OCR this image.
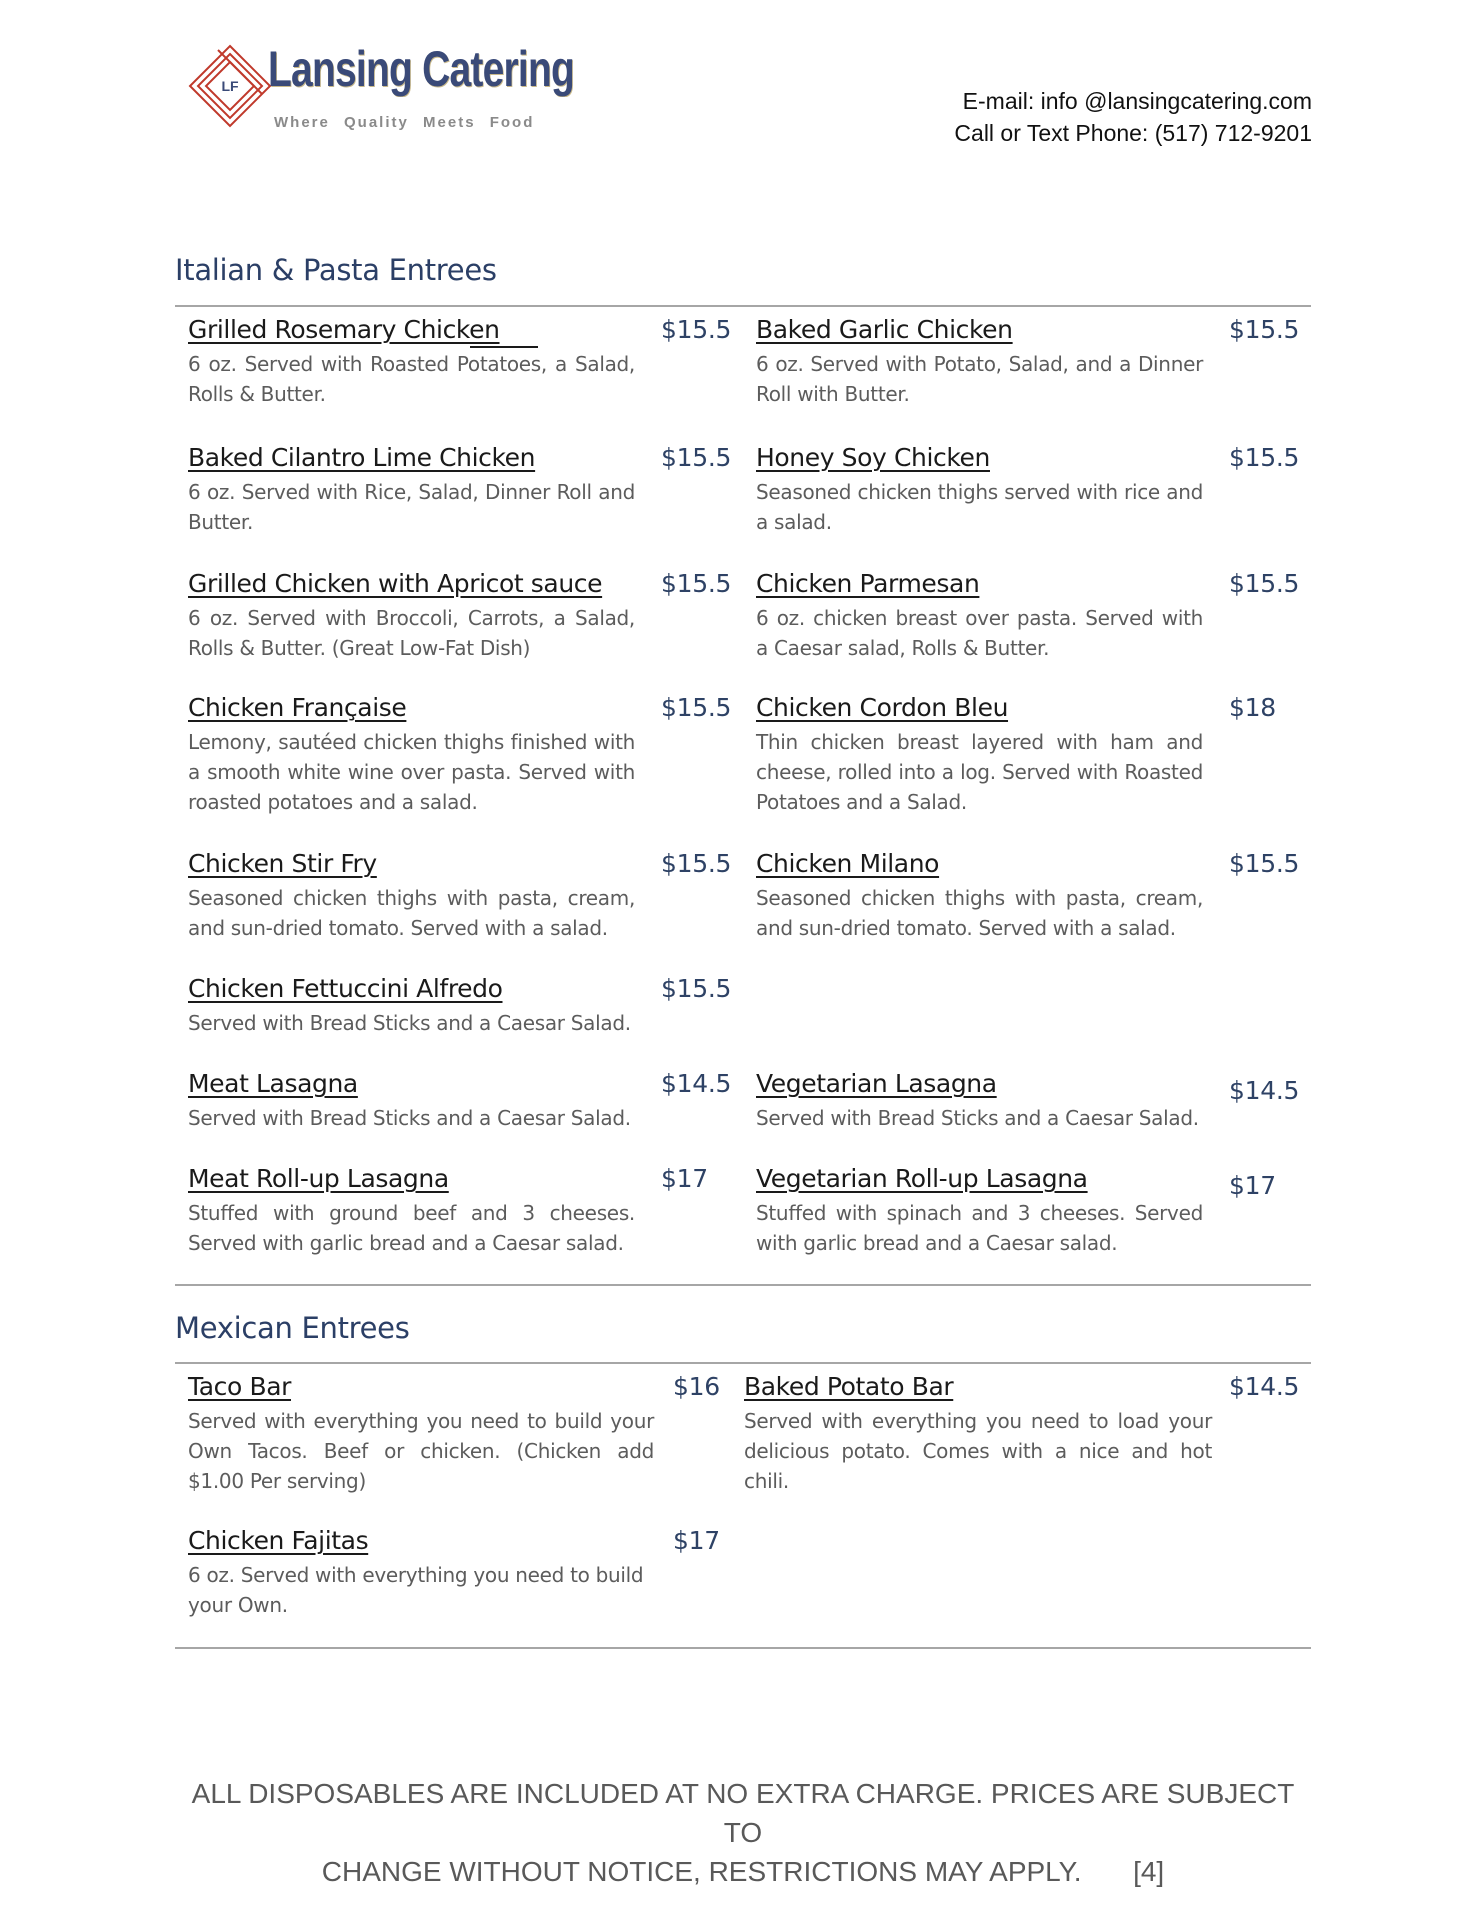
LF Lansing Catering
Where Quality Meets Food
E-mail: info @lansingcatering.com
Call or Text Phone: (517) 712-9201
Italian & Pasta Entrees
Grilled Rosemary Chicken	$15.5
6 oz. Served with Roasted Potatoes, a Salad, Rolls & Butter.
Baked Garlic Chicken	$15.5
6 oz. Served with Potato, Salad, and a Dinner Roll with Butter.
Baked Cilantro Lime Chicken	$15.5
6 oz. Served with Rice, Salad, Dinner Roll and Butter.
Honey Soy Chicken	$15.5
Seasoned chicken thighs served with rice and a salad.
Grilled Chicken with Apricot sauce $15.5
6 oz. Served with Broccoli, Carrots, a Salad, Rolls & Butter. (Great Low-Fat Dish)
Chicken Parmesan	$15.5
6 oz. chicken breast over pasta. Served with a Caesar salad, Rolls & Butter.
Chicken Française	$15.5
Lemony, sautéed chicken thighs finished with a smooth white wine over pasta. Served with roasted potatoes and a salad.
Chicken Cordon Bleu	$18
Thin chicken breast layered with ham and cheese, rolled into a log. Served with Roasted Potatoes and a Salad.
Chicken Stir Fry	$15.5
Seasoned chicken thighs with pasta, cream, and sun-dried tomato. Served with a salad.
Chicken Milano	$15.5
Seasoned chicken thighs with pasta, cream, and sun-dried tomato. Served with a salad.
Chicken Fettuccini Alfredo	$15.5
Served with Bread Sticks and a Caesar Salad.
Meat Lasagna	$14.5
Served with Bread Sticks and a Caesar Salad.
Vegetarian Lasagna	$14.5
Served with Bread Sticks and a Caesar Salad.
Meat Roll-up Lasagna	$17
Stuffed with ground beef and 3 cheeses. Served with garlic bread and a Caesar salad.
Vegetarian Roll-up Lasagna	$17
Stuffed with spinach and 3 cheeses. Served with garlic bread and a Caesar salad.
Mexican Entrees
Taco Bar	$16
Served with everything you need to build your Own Tacos. Beef or chicken. (Chicken add $1.00 Per serving)
Baked Potato Bar	$14.5
Served with everything you need to load your delicious potato. Comes with a nice and hot chili.
Chicken Fajitas	$17
6 oz. Served with everything you need to build your Own.
ALL DISPOSABLES ARE INCLUDED AT NO EXTRA CHARGE. PRICES ARE SUBJECT TO
CHANGE WITHOUT NOTICE, RESTRICTIONS MAY APPLY. [4]
